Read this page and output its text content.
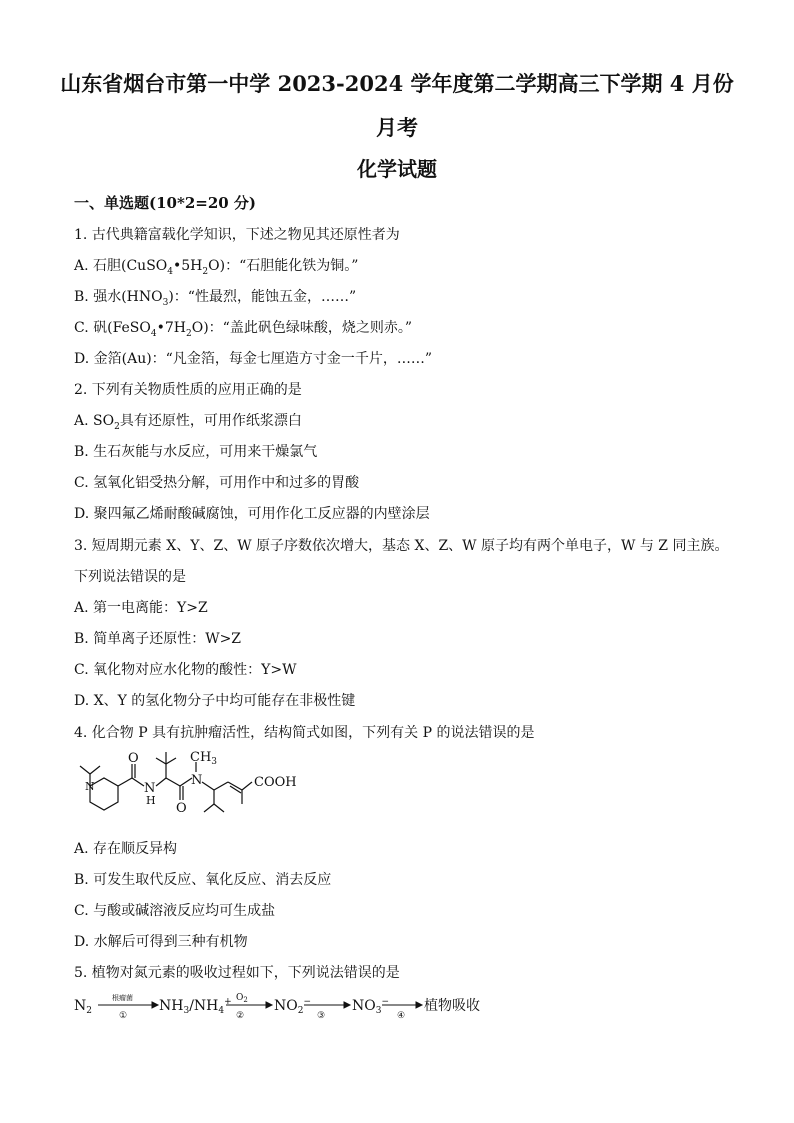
山东省烟台市第一中学 2023-2024 学年度第二学期高三下学期 4 月份
月考
化学试题
一、单选题(10*2=20 分)
1. 古代典籍富载化学知识，下述之物见其还原性者为
A. 石胆$(CuSO_4•5H_2O)$：“石胆能化铁为铜。”
B. 强水$(HNO_3)$：“性最烈，能蚀五金，……”
C. 矾$(FeSO_4•7H_2O)$：“盖此矾色绿味酸，烧之则赤。”
D. 金箔(Au)：“凡金箔，每金七厘造方寸金一千片，……”
2. 下列有关物质性质的应用正确的是
A. $SO_2$具有还原性，可用作纸浆漂白
B. 生石灰能与水反应，可用来干燥氯气
C. 氢氧化铝受热分解，可用作中和过多的胃酸
D. 聚四氟乙烯耐酸碱腐蚀，可用作化工反应器的内壁涂层
3. 短周期元素 X、Y、Z、W 原子序数依次增大，基态 X、Z、W 原子均有两个单电子，W 与 Z 同主族。
下列说法错误的是
A. 第一电离能：Y>Z
B. 简单离子还原性：W>Z
C. 氧化物对应水化物的酸性：Y>W
D. X、Y 的氢化物分子中均可能存在非极性键
4. 化合物 P 具有抗肿瘤活性，结构简式如图，下列有关 P 的说法错误的是
O
N
H
O
N
$CH_3$
COOH
N
A. 存在顺反异构
B. 可发生取代反应、氧化反应、消去反应
C. 与酸或碱溶液反应均可生成盐
D. 水解后可得到三种有机物
5. 植物对氮元素的吸收过程如下，下列说法错误的是
$N_2$	$NH_3/NH_4^+$	$NO_2^-$	$NO_3^-$ 植物吸收
根瘤菌
①
$O_2$
②	③	④
